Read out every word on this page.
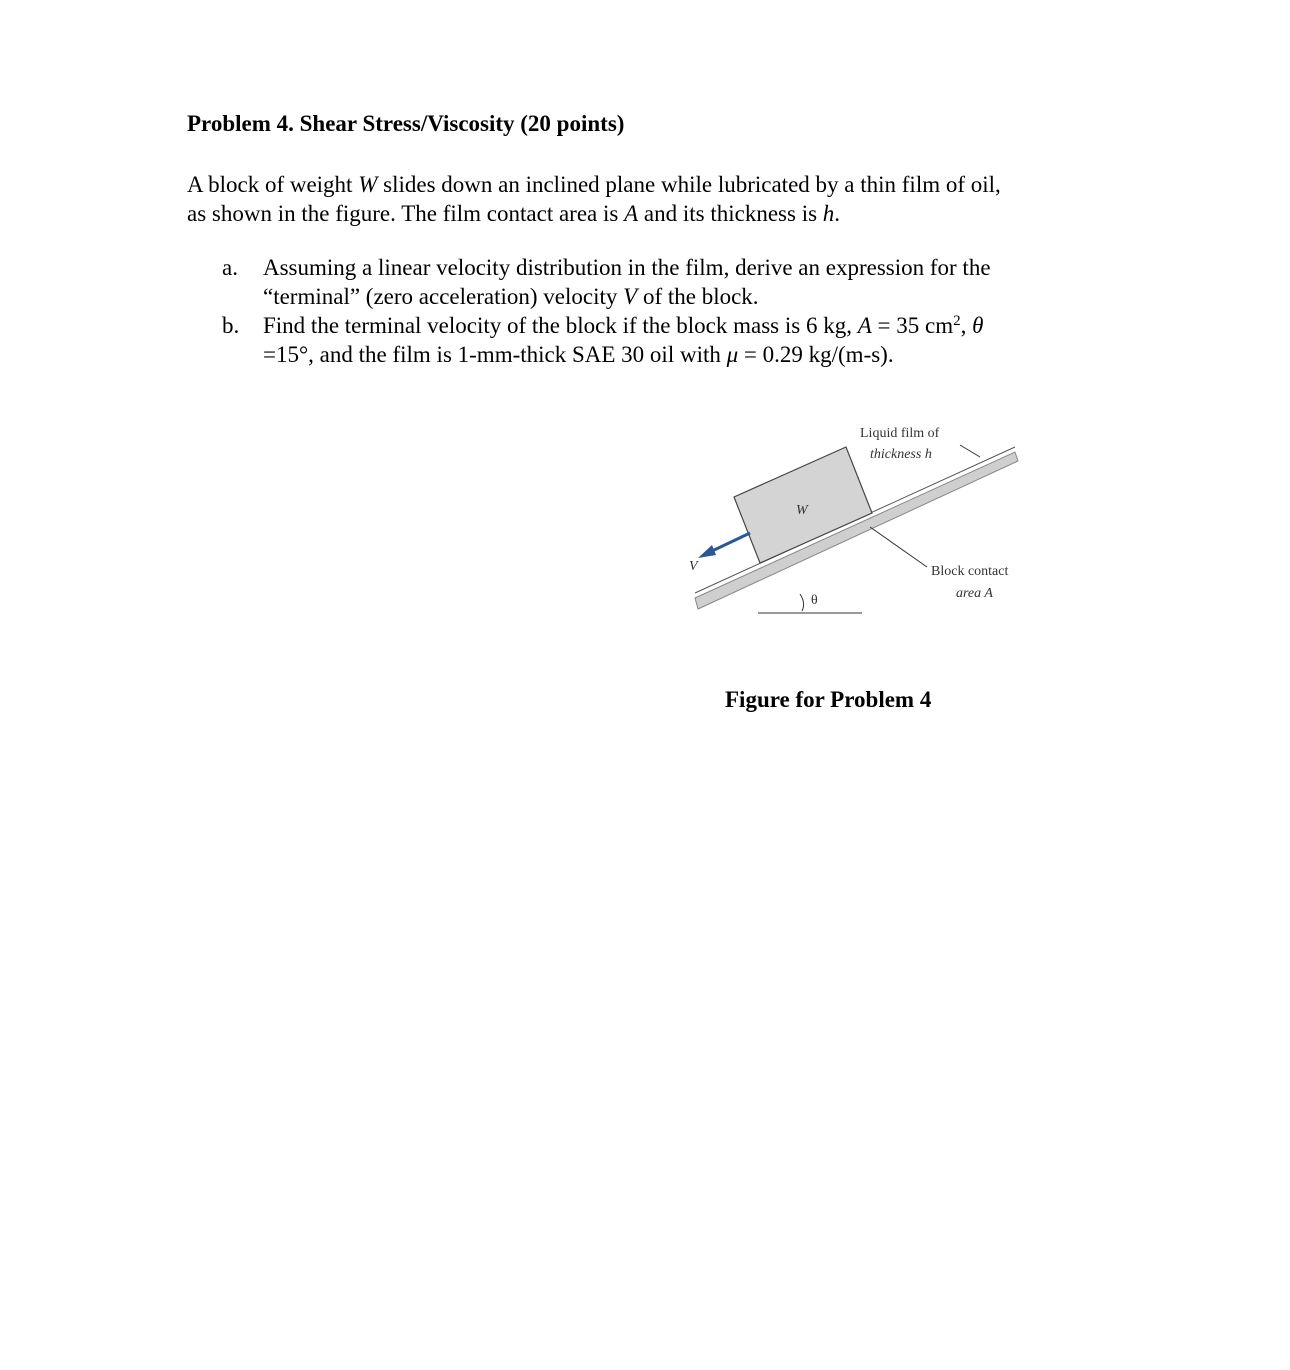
Problem 4. Shear Stress/Viscosity (20 points)
A block of weight W slides down an inclined plane while lubricated by a thin film of oil,
as shown in the figure. The film contact area is A and its thickness is h.
a. Assuming a linear velocity distribution in the film, derive an expression for the
“terminal” (zero acceleration) velocity V of the block.
b. Find the terminal velocity of the block if the block mass is 6 kg, A = 35 $cm^2$, θ
=15°, and the film is 1-mm-thick SAE 30 oil with μ = 0.29 kg/(m-s).
W
V
θ
Liquid film of
thickness h
Block contact
area A
Figure for Problem 4
